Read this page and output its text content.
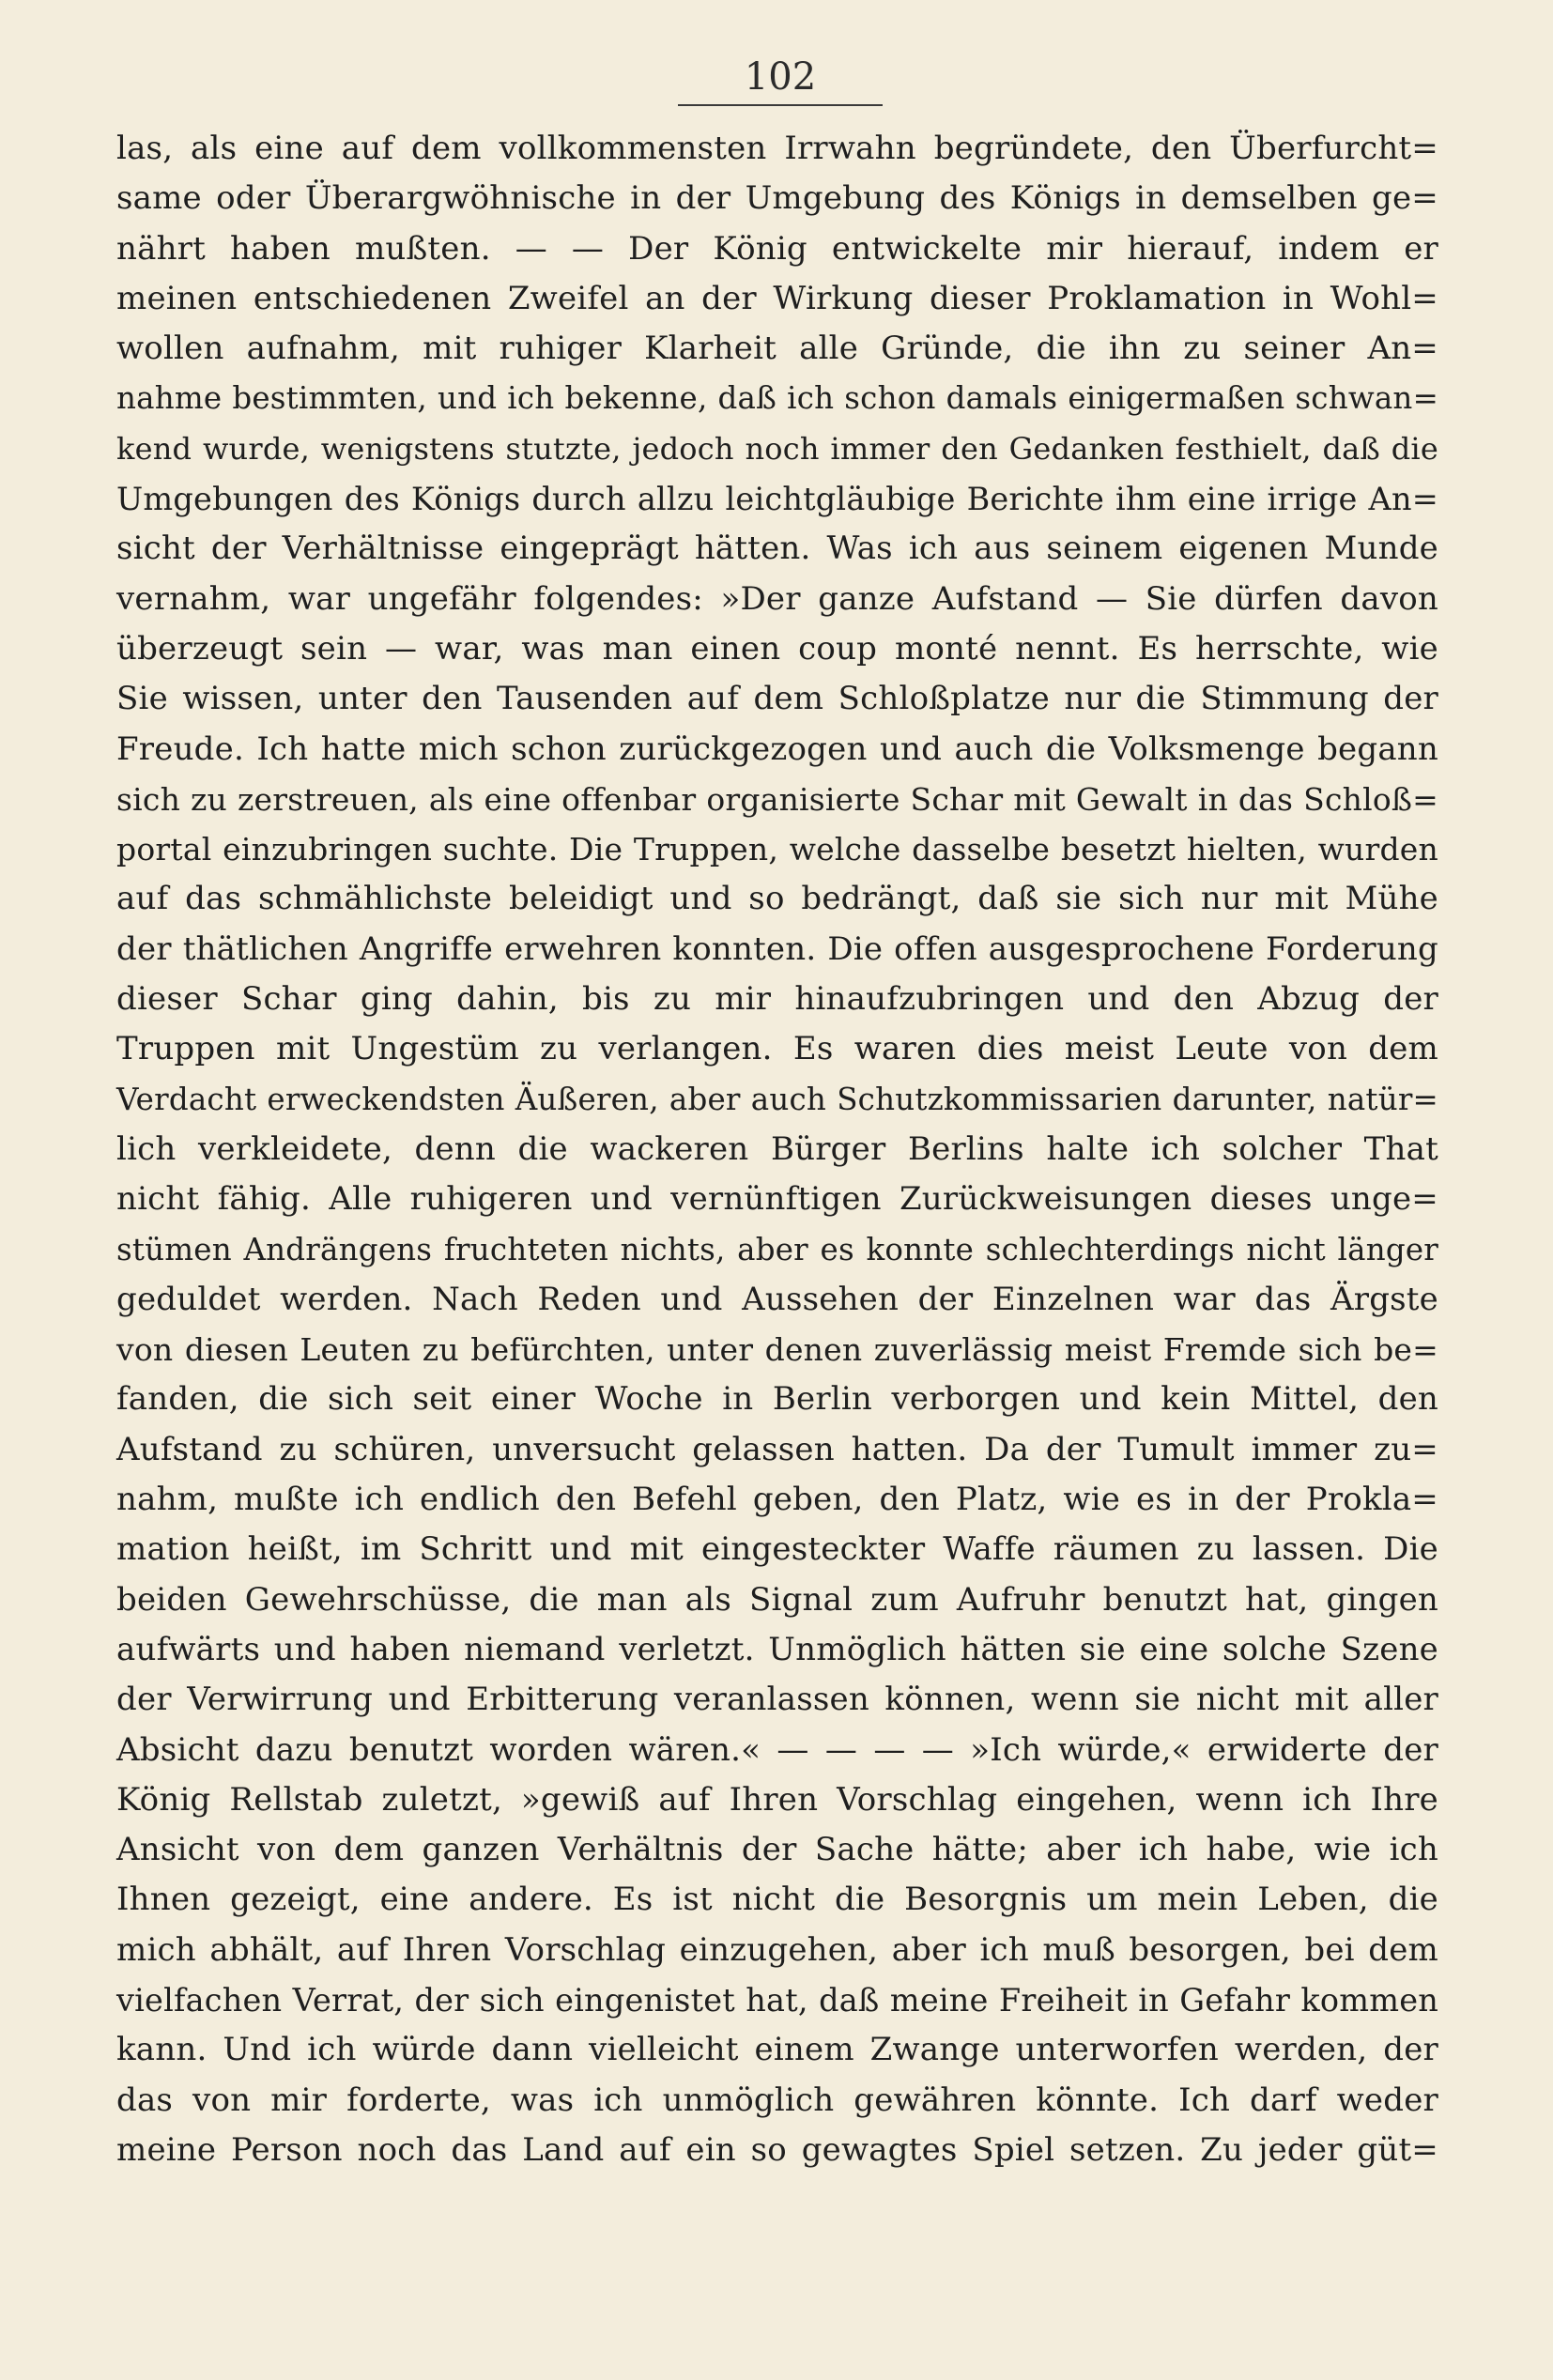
102
las, als eine auf dem vollkommensten Irrwahn begründete, den Überfurcht=
same oder Überargwöhnische in der Umgebung des Königs in demselben ge=
nährt haben mußten. — — Der König entwickelte mir hierauf, indem er
meinen entschiedenen Zweifel an der Wirkung dieser Proklamation in Wohl=
wollen aufnahm, mit ruhiger Klarheit alle Gründe, die ihn zu seiner An=
nahme bestimmten, und ich bekenne, daß ich schon damals einigermaßen schwan=
kend wurde, wenigstens stutzte, jedoch noch immer den Gedanken festhielt, daß die
Umgebungen des Königs durch allzu leichtgläubige Berichte ihm eine irrige An=
sicht der Verhältnisse eingeprägt hätten. Was ich aus seinem eigenen Munde
vernahm, war ungefähr folgendes: »Der ganze Aufstand — Sie dürfen davon
überzeugt sein — war, was man einen coup monté nennt. Es herrschte, wie
Sie wissen, unter den Tausenden auf dem Schloßplatze nur die Stimmung der
Freude. Ich hatte mich schon zurückgezogen und auch die Volksmenge begann
sich zu zerstreuen, als eine offenbar organisierte Schar mit Gewalt in das Schloß=
portal einzubringen suchte. Die Truppen, welche dasselbe besetzt hielten, wurden
auf das schmählichste beleidigt und so bedrängt, daß sie sich nur mit Mühe
der thätlichen Angriffe erwehren konnten. Die offen ausgesprochene Forderung
dieser Schar ging dahin, bis zu mir hinaufzubringen und den Abzug der
Truppen mit Ungestüm zu verlangen. Es waren dies meist Leute von dem
Verdacht erweckendsten Äußeren, aber auch Schutzkommissarien darunter, natür=
lich verkleidete, denn die wackeren Bürger Berlins halte ich solcher That
nicht fähig. Alle ruhigeren und vernünftigen Zurückweisungen dieses unge=
stümen Andrängens fruchteten nichts, aber es konnte schlechterdings nicht länger
geduldet werden. Nach Reden und Aussehen der Einzelnen war das Ärgste
von diesen Leuten zu befürchten, unter denen zuverlässig meist Fremde sich be=
fanden, die sich seit einer Woche in Berlin verborgen und kein Mittel, den
Aufstand zu schüren, unversucht gelassen hatten. Da der Tumult immer zu=
nahm, mußte ich endlich den Befehl geben, den Platz, wie es in der Prokla=
mation heißt, im Schritt und mit eingesteckter Waffe räumen zu lassen. Die
beiden Gewehrschüsse, die man als Signal zum Aufruhr benutzt hat, gingen
aufwärts und haben niemand verletzt. Unmöglich hätten sie eine solche Szene
der Verwirrung und Erbitterung veranlassen können, wenn sie nicht mit aller
Absicht dazu benutzt worden wären.« — — — — »Ich würde,« erwiderte der
König Rellstab zuletzt, »gewiß auf Ihren Vorschlag eingehen, wenn ich Ihre
Ansicht von dem ganzen Verhältnis der Sache hätte; aber ich habe, wie ich
Ihnen gezeigt, eine andere. Es ist nicht die Besorgnis um mein Leben, die
mich abhält, auf Ihren Vorschlag einzugehen, aber ich muß besorgen, bei dem
vielfachen Verrat, der sich eingenistet hat, daß meine Freiheit in Gefahr kommen
kann. Und ich würde dann vielleicht einem Zwange unterworfen werden, der
das von mir forderte, was ich unmöglich gewähren könnte. Ich darf weder
meine Person noch das Land auf ein so gewagtes Spiel setzen. Zu jeder güt=
